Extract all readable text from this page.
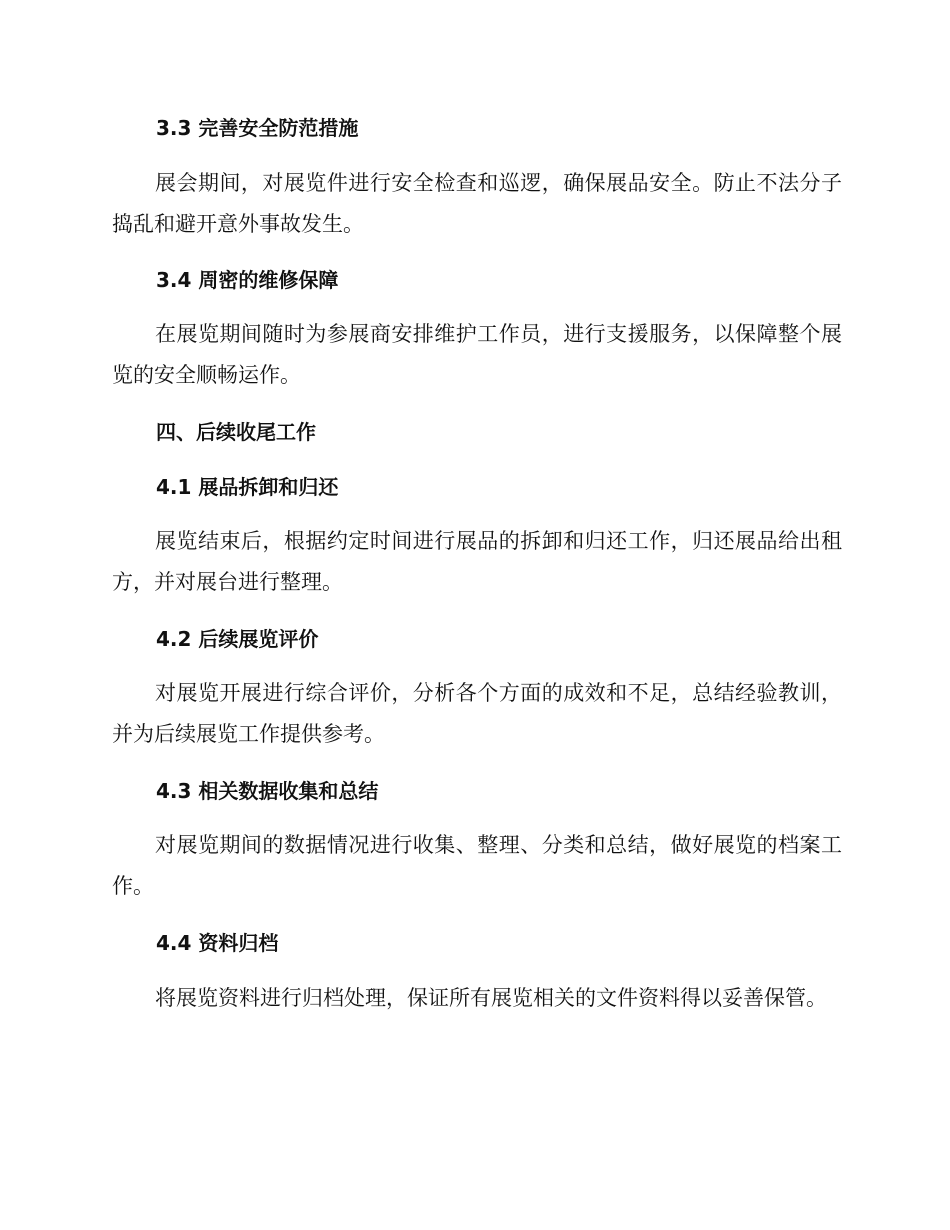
3.3 完善安全防范措施

展会期间，对展览件进行安全检查和巡逻，确保展品安全。防止不法分子捣乱和避开意外事故发生。

3.4 周密的维修保障

在展览期间随时为参展商安排维护工作员，进行支援服务，以保障整个展览的安全顺畅运作。

四、后续收尾工作
4.1 展品拆卸和归还

展览结束后，根据约定时间进行展品的拆卸和归还工作，归还展品给出租方，并对展台进行整理。

4.2 后续展览评价

对展览开展进行综合评价，分析各个方面的成效和不足，总结经验教训，并为后续展览工作提供参考。

4.3 相关数据收集和总结

对展览期间的数据情况进行收集、整理、分类和总结，做好展览的档案工作。

4.4 资料归档

将展览资料进行归档处理，保证所有展览相关的文件资料得以妥善保管。
